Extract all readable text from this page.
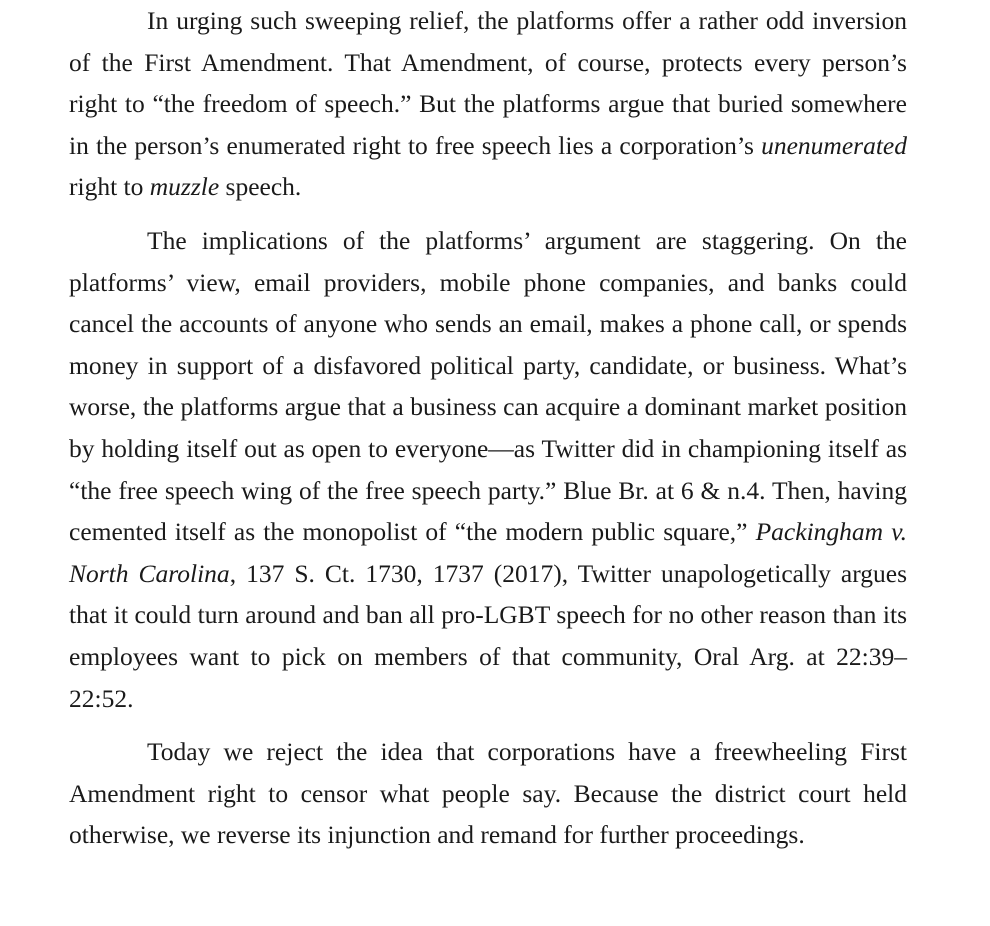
In urging such sweeping relief, the platforms offer a rather odd inversion of the First Amendment. That Amendment, of course, protects every person’s right to “the freedom of speech.” But the platforms argue that buried somewhere in the person’s enumerated right to free speech lies a corporation’s unenumerated right to muzzle speech.

The implications of the platforms’ argument are staggering. On the platforms’ view, email providers, mobile phone companies, and banks could cancel the accounts of anyone who sends an email, makes a phone call, or spends money in support of a disfavored political party, candidate, or business. What’s worse, the platforms argue that a business can acquire a dominant market position by holding itself out as open to everyone—as Twitter did in championing itself as “the free speech wing of the free speech party.” Blue Br. at 6 & n.4. Then, having cemented itself as the monopolist of “the modern public square,” Packingham v. North Carolina, 137 S. Ct. 1730, 1737 (2017), Twitter unapologetically argues that it could turn around and ban all pro-LGBT speech for no other reason than its employees want to pick on members of that community, Oral Arg. at 22:39–22:52.

Today we reject the idea that corporations have a freewheeling First Amendment right to censor what people say. Because the district court held otherwise, we reverse its injunction and remand for further proceedings.
